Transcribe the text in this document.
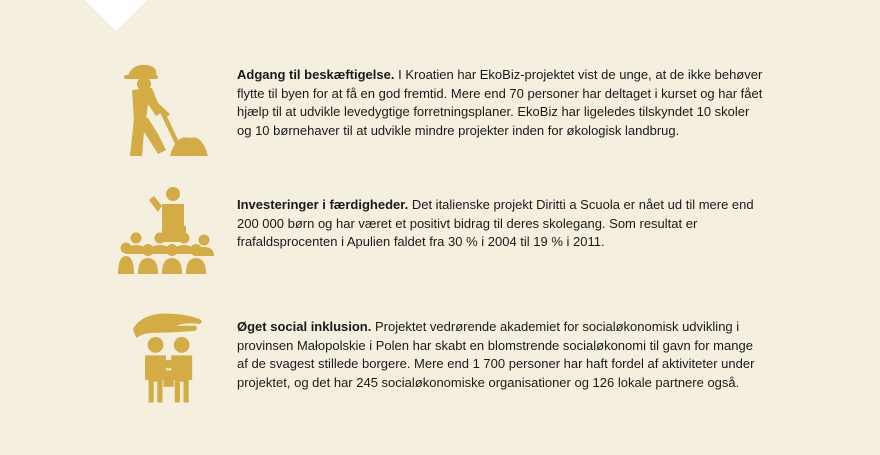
Adgang til beskæftigelse. I Kroatien har EkoBiz-projektet vist de unge, at de ikke behøver flytte til byen for at få en god fremtid. Mere end 70 personer har deltaget i kurset og har fået hjælp til at udvikle levedygtige forretningsplaner. EkoBiz har ligeledes tilskyndet 10 skoler og 10 børnehaver til at udvikle mindre projekter inden for økologisk landbrug.

Investeringer i færdigheder. Det italienske projekt Diritti a Scuola er nået ud til mere end 200 000 børn og har været et positivt bidrag til deres skolegang. Som resultat er frafaldsprocenten i Apulien faldet fra 30 % i 2004 til 19 % i 2011.

Øget social inklusion. Projektet vedrørende akademiet for socialøkonomisk udvikling i provinsen Małopolskie i Polen har skabt en blomstrende socialøkonomi til gavn for mange af de svagest stillede borgere. Mere end 1 700 personer har haft fordel af aktiviteter under projektet, og det har 245 socialøkonomiske organisationer og 126 lokale partnere også.
